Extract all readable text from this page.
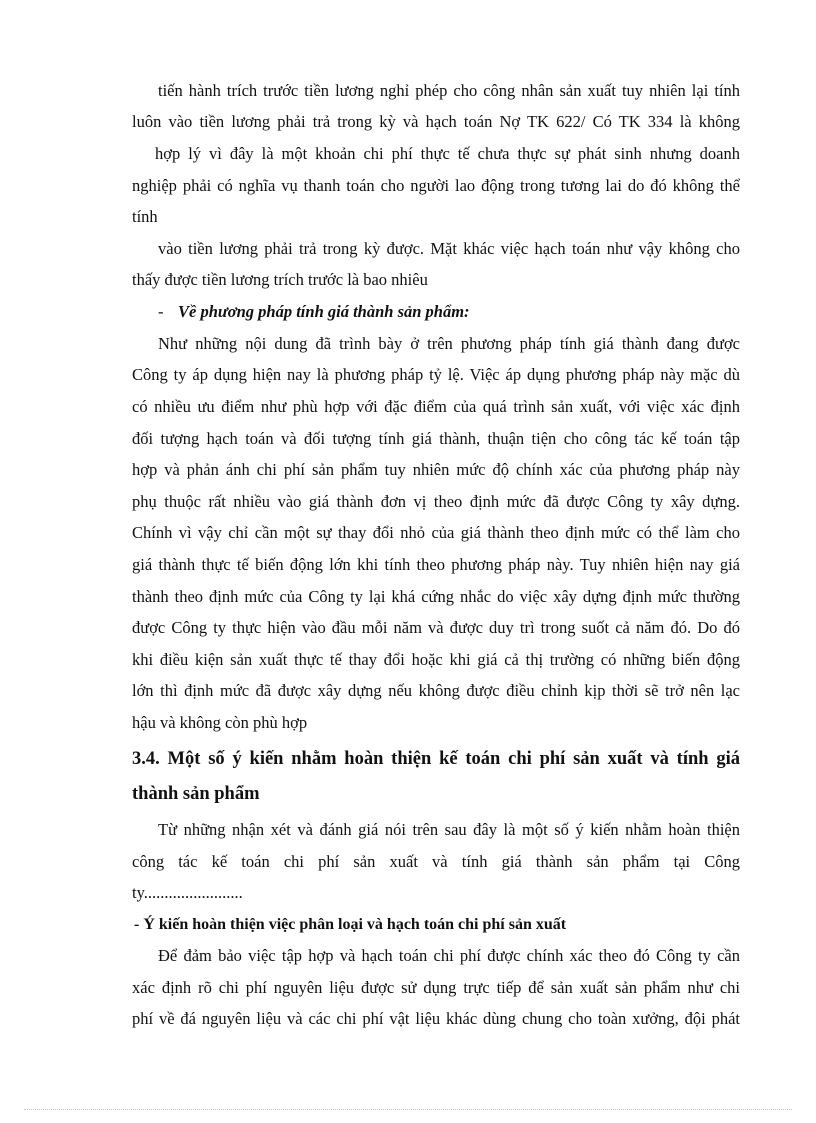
tiến hành trích trước tiền lương nghỉ phép cho công nhân sản xuất tuy nhiên lại tính
luôn vào tiền lương phải trả trong kỳ và hạch toán Nợ TK 622/ Có TK 334 là không
hợp lý vì đây là một khoản chi phí thực tế chưa thực sự phát sinh nhưng doanh
nghiệp phải có nghĩa vụ thanh toán cho người lao động trong tương lai do đó không thể
tính
vào tiền lương phải trả trong kỳ được. Mặt khác việc hạch toán như vậy không cho
thấy được tiền lương trích trước là bao nhiêu
- Về phương pháp tính giá thành sản phẩm:
Như những nội dung đã trình bày ở trên phương pháp tính giá thành đang được
Công ty áp dụng hiện nay là phương pháp tỷ lệ. Việc áp dụng phương pháp này mặc dù
có nhiều ưu điểm như phù hợp với đặc điểm của quá trình sản xuất, với việc xác định
đối tượng hạch toán và đối tượng tính giá thành, thuận tiện cho công tác kế toán tập
hợp và phản ánh chi phí sản phẩm tuy nhiên mức độ chính xác của phương pháp này
phụ thuộc rất nhiều vào giá thành đơn vị theo định mức đã được Công ty xây dựng.
Chính vì vậy chỉ cần một sự thay đổi nhỏ của giá thành theo định mức có thể làm cho
giá thành thực tế biến động lớn khi tính theo phương pháp này. Tuy nhiên hiện nay giá
thành theo định mức của Công ty lại khá cứng nhắc do việc xây dựng định mức thường
được Công ty thực hiện vào đầu mỗi năm và được duy trì trong suốt cả năm đó. Do đó
khi điều kiện sản xuất thực tế thay đổi hoặc khi giá cả thị trường có những biến động
lớn thì định mức đã được xây dựng nếu không được điều chỉnh kịp thời sẽ trở nên lạc
hậu và không còn phù hợp
3.4. Một số ý kiến nhằm hoàn thiện kế toán chi phí sản xuất và tính giá
thành sản phẩm
Từ những nhận xét và đánh giá nói trên sau đây là một số ý kiến nhằm hoàn thiện
công tác kế toán chi phí sản xuất và tính giá thành sản phẩm tại Công
ty........................
- Ý kiến hoàn thiện việc phân loại và hạch toán chi phí sản xuất
Để đảm bảo việc tập hợp và hạch toán chi phí được chính xác theo đó Công ty cần
xác định rõ chi phí nguyên liệu được sử dụng trực tiếp để sản xuất sản phẩm như chi
phí về đá nguyên liệu và các chi phí vật liệu khác dùng chung cho toàn xưởng, đội phát
